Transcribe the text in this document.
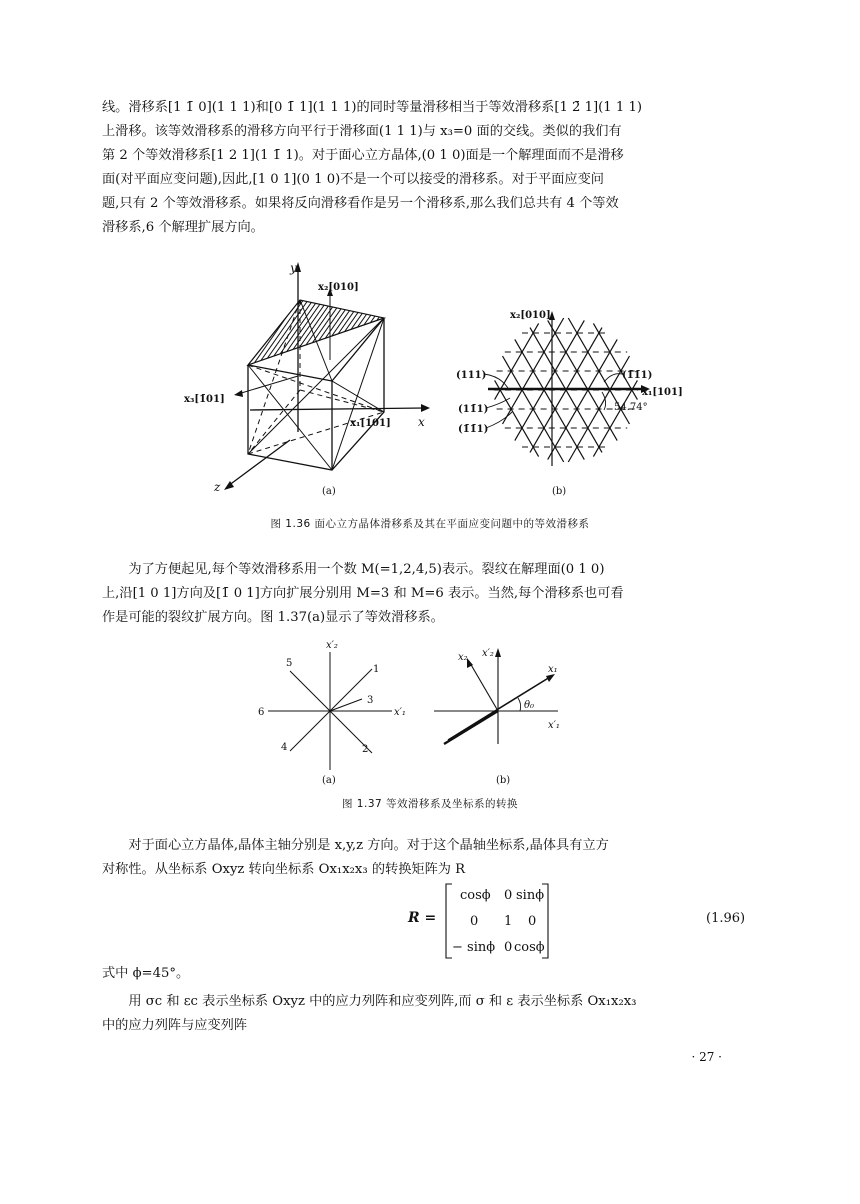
线。滑移系[1 1̄ 0](1 1 1)和[0 1̄ 1](1 1 1)的同时等量滑移相当于等效滑移系[1 2̄ 1](1 1 1)

上滑移。该等效滑移系的滑移方向平行于滑移面(1 1 1)与 x₃=0 面的交线。类似的我们有

第 2 个等效滑移系[1 2 1](1 1̄ 1)。对于面心立方晶体,(0 1 0)面是一个解理面而不是滑移

面(对平面应变问题),因此,[1 0 1](0 1 0)不是一个可以接受的滑移系。对于平面应变问

题,只有 2 个等效滑移系。如果将反向滑移看作是另一个滑移系,那么我们总共有 4 个等效

滑移系,6 个解理扩展方向。

y
x
z
x₂[010]
x₃[1̄01]
x₁[101]
(a)
x₂[010]
x₁[101]
(111)	(1̄1̄1)
(11̄1)
(1̄1̄1)
54.74°
(b)
图 1.36 面心立方晶体滑移系及其在平面应变问题中的等效滑移系

为了方便起见,每个等效滑移系用一个数 M(=1,2,4,5)表示。裂纹在解理面(0 1 0)

上,沿[1 0 1]方向及[1̄ 0 1]方向扩展分别用 M=3 和 M=6 表示。当然,每个滑移系也可看

作是可能的裂纹扩展方向。图 1.37(a)显示了等效滑移系。

x′₂
x′₁
1
2
3
4
5
6
(a)
x₂ x′₂
x₁
x′₁
θ₀
(b)
图 1.37 等效滑移系及坐标系的转换

对于面心立方晶体,晶体主轴分别是 x,y,z 方向。对于这个晶轴坐标系,晶体具有立方

对称性。从坐标系 Oxyz 转向坐标系 Ox₁x₂x₃ 的转换矩阵为 R

R =
cosϕ 0 sinϕ
0 1 0
− sinϕ 0 cosϕ
(1.96)

式中 ϕ=45°。

用 σc 和 εc 表示坐标系 Oxyz 中的应力列阵和应变列阵,而 σ 和 ε 表示坐标系 Ox₁x₂x₃

中的应力列阵与应变列阵

· 27 ·
